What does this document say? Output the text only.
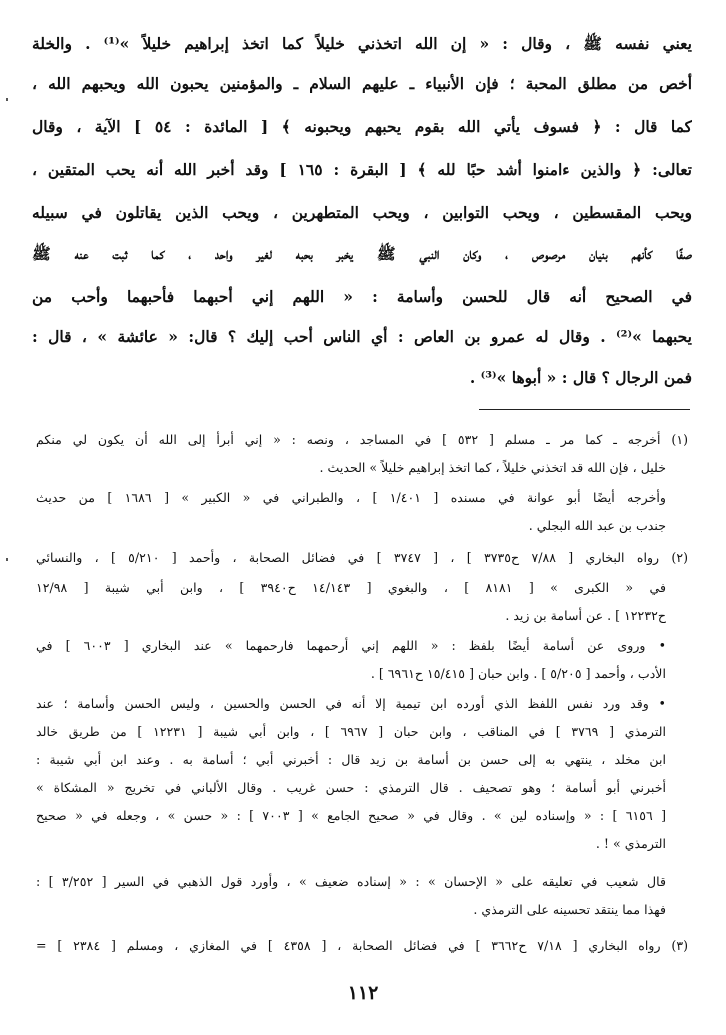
يعني نفسه ﷺ ، وقال : « إن الله اتخذني خليلاً كما اتخذ إبراهيم خليلاً »⁽¹⁾ . والخلة
أخص من مطلق المحبة ؛ فإن الأنبياء ـ عليهم السلام ـ والمؤمنين يحبون الله ويحبهم الله ،
كما قال : ﴿ فسوف يأتي الله بقوم يحبهم ويحبونه ﴾ [ المائدة : ٥٤ ] الآية ، وقال
تعالى: ﴿ والذين ءامنوا أشد حبًا لله ﴾ [ البقرة : ١٦٥ ] وقد أخبر الله أنه يحب المتقين ،
ويحب المقسطين ، ويحب التوابين ، ويحب المتطهرين ، ويحب الذين يقاتلون في سبيله
صفًا كأنهم بنيان مرصوص ، وكان النبي ﷺ يخبر بحبه لغير واحد ، كما ثبت عنه ﷺ
في الصحيح أنه قال للحسن وأسامة : « اللهم إني أحبهما فأحبهما وأحب من
يحبهما »⁽²⁾ . وقال له عمرو بن العاص : أي الناس أحب إليك ؟ قال: « عائشة » ، قال :
فمن الرجال ؟ قال : « أبوها »⁽³⁾ .
(١) أخرجه ـ كما مر ـ مسلم [ ٥٣٢ ] في المساجد ، ونصه : « إني أبرأ إلى الله أن يكون لي منكم
خليل ، فإن الله قد اتخذني خليلاً ، كما اتخذ إبراهيم خليلاً » الحديث .
وأخرجه أيضًا أبو عوانة في مسنده [ ١/٤٠١ ] ، والطبراني في « الكبير » [ ١٦٨٦ ] من حديث
جندب بن عبد الله البجلي .
(٢) رواه البخاري [ ٧/٨٨ ح٣٧٣٥ ] ، [ ٣٧٤٧ ] في فضائل الصحابة ، وأحمد [ ٥/٢١٠ ] ، والنسائي
في « الكبرى » [ ٨١٨١ ] ، والبغوي [ ١٤/١٤٣ ح٣٩٤٠ ] ، وابن أبي شيبة [ ١٢/٩٨
ح١٢٢٣٢ ] . عن أسامة بن زيد .
• وروى عن أسامة أيضًا بلفظ : « اللهم إني أرحمهما فارحمهما » عند البخاري [ ٦٠٠٣ ] في
الأدب ، وأحمد [ ٥/٢٠٥ ] . وابن حبان [ ١٥/٤١٥ ح٦٩٦١ ] .
• وقد ورد نفس اللفظ الذي أورده ابن تيمية إلا أنه في الحسن والحسين ، وليس الحسن وأسامة ؛ عند
الترمذي [ ٣٧٦٩ ] في المناقب ، وابن حبان [ ٦٩٦٧ ] ، وابن أبي شيبة [ ١٢٢٣١ ] من طريق خالد
ابن مخلد ، ينتهي به إلى حسن بن أسامة بن زيد قال : أخبرني أبي ؛ أسامة به . وعند ابن أبي شيبة :
أخبرني أبو أسامة ؛ وهو تصحيف . قال الترمذي : حسن غريب . وقال الألباني في تخريج « المشكاة »
[ ٦١٥٦ ] : « وإسناده لين » . وقال في « صحيح الجامع » [ ٧٠٠٣ ] : « حسن » ، وجعله في « صحيح
الترمذي » ! .
قال شعيب في تعليقه على « الإحسان » : « إسناده ضعيف » ، وأورد قول الذهبي في السير [ ٣/٢٥٢ ] :
فهذا مما ينتقد تحسينه على الترمذي .
(٣) رواه البخاري [ ٧/١٨ ح٣٦٦٢ ] في فضائل الصحابة ، [ ٤٣٥٨ ] في المغازي ، ومسلم [ ٢٣٨٤ ] =
١١٢
